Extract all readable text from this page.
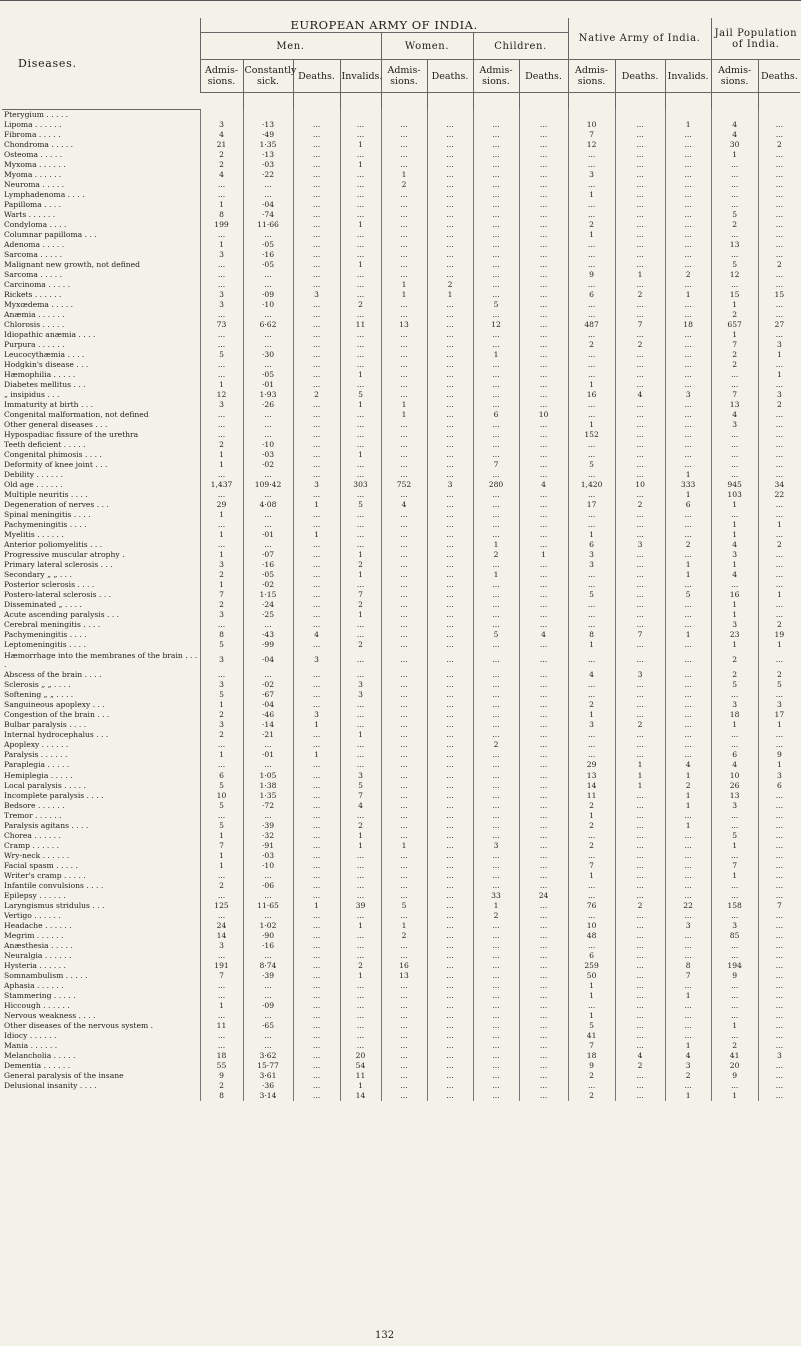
Diseases.	EUROPEAN ARMY OF INDIA.								Native Army of India.			Jail Population of India.	
	Men.				Women.		Children.						
	Admis-sions.	Constantly sick.	Deaths.	Invalids.	Admis-sions.	Deaths.	Admis-sions.	Deaths.	Admis-sions.	Deaths.	Invalids.	Admis-sions.	Deaths.

Pterygium . . . . .													
Lipoma . . . . . .	3	·13	...	...	...	...	...	...	10	...	1	4	...
Fibroma . . . . .	4	·49	...	...	...	...	...	...	7	...	...	4	...
Chondroma . . . . .	21	1·35	...	1	...	...	...	...	12	...	...	30	2
Osteoma . . . . .	2	·13	...	...	...	...	...	...	...	...	...	1	...
Myxoma . . . . . .	2	·03	...	1	...	...	...	...	...	...	...	...	...
Myoma . . . . . .	4	·22	...	...	1	...	...	...	3	...	...	...	...
Neuroma . . . . .	...	...	...	...	2	...	...	...	...	...	...	...	...
Lymphadenoma . . . .	...	...	...	...	...	...	...	...	1	...	...	...	...
Papilloma . . . .	1	·04	...	...	...	...	...	...	...	...	...	...	...
Warts . . . . . .	8	·74	...	...	...	...	...	...	...	...	...	5	...
Condyloma . . . .	199	11·66	...	1	...	...	...	...	2	...	...	2	...
Columnar papilloma . . .	...	...	...	...	...	...	...	...	1	...	...	...	...
Adenoma . . . . .	1	·05	...	...	...	...	...	...	...	...	...	13	...
Sarcoma . . . . .	3	·16	...	...	...	...	...	...	...	...	...	...	...
Malignant new growth, not defined	...	·05	...	1	...	...	...	...	...	...	...	5	2
Sarcoma . . . . .	...	...	...	...	...	...	...	...	9	1	2	12	...
Carcinoma . . . . .	...	...	...	...	1	2	...	...	...	...	...	...	...
Rickets . . . . . .	3	·09	3	...	1	1	...	...	6	2	1	15	15
Myxœdema . . . . .	3	·10	...	2	...	...	5	...	...	...	...	1	...
Anæmia . . . . . .	...	...	...	...	...	...	...	...	...	...	...	2	...
Chlorosis . . . . .	73	6·62	...	11	13	...	12	...	487	7	18	657	27
Idiopathic anæmia . . . .	...	...	...	...	...	...	...	...	...	...	...	1	...
Purpura . . . . . .	...	...	...	...	...	...	...	...	2	2	...	7	3
Leucocythæmia . . . .	5	·30	...	...	...	...	1	...	...	...	...	2	1
Hodgkin's disease . . .	...	...	...	...	...	...	...	...	...	...	...	2	...
Hæmophilia . . . . .	...	·05	...	1	...	...	...	...	...	...	...	...	1
Diabetes mellitus . . .	1	·01	...	...	...	...	...	...	1	...	...	...	...
„ insipidus . . .	12	1·93	2	5	...	...	...	...	16	4	3	7	3
Immaturity at birth . . .	3	·26	...	1	1	...	...	...	...	...	...	13	2
Congenital malformation, not defined	...	...	...	...	1	...	6	10	...	...	...	4	...
Other general diseases . . .	...	...	...	...	...	...	...	...	1	...	...	3	...
Hypospadiac fissure of the urethra	...	...	...	...	...	...	...	...	152	...	...	...	...
Teeth deficient . . . . .	2	·10	...	...	...	...	...	...	...	...	...	...	...
Congenital phimosis . . . .	1	·03	...	1	...	...	...	...	...	...	...	...	...
Deformity of knee joint . . .	1	·02	...	...	...	...	7	...	5	...	...	...	...
Debility . . . . . .	...	...	...	...	...	...	...	...	...	...	1	...	...
Old age . . . . . .	1,437	109·42	3	303	752	3	280	4	1,420	10	333	945	34
Multiple neuritis . . . .	...	...	...	...	...	...	...	...	...	...	1	103	22
Degeneration of nerves . . .	29	4·08	1	5	4	...	...	...	17	2	6	1	...
Spinal meningitis . . . .	1	...	...	...	...	...	...	...	...	...	...	...	...
Pachymeningitis . . . .	...	...	...	...	...	...	...	...	...	...	...	1	1
Myelitis . . . . . .	1	·01	1	...	...	...	...	...	1	...	...	1	...
Anterior poliomyelitis . . .	...	...	...	...	...	...	1	...	6	3	2	4	2
Progressive muscular atrophy .	1	·07	...	1	...	...	2	1	3	...	...	3	...
Primary lateral sclerosis . . .	3	·16	...	2	...	...	...	...	3	...	1	1	...
Secondary „ „ . . .	2	·05	...	1	...	...	1	...	...	...	1	4	...
Posterior sclerosis . . . .	1	·02	...	...	...	...	...	...	...	...	...	...	...
Postero-lateral sclerosis . . .	7	1·15	...	7	...	...	...	...	5	...	5	16	1
Disseminated „ . . . .	2	·24	...	2	...	...	...	...	...	...	...	1	...
Acute ascending paralysis . . .	3	·25	...	1	...	...	...	...	...	...	...	1	...
Cerebral meningitis . . . .	...	...	...	...	...	...	...	...	...	...	...	3	2
Pachymeningitis . . . .	8	·43	4	...	...	...	5	4	8	7	1	23	19
Leptomeningitis . . . .	5	·99	...	2	...	...	...	...	1	...	...	1	1
Hæmorrhage into the membranes of the brain . . . .	3	·04	3	...	...	...	...	...	...	...	...	2	...
Abscess of the brain . . . .	...	...	...	...	...	...	...	...	4	3	...	2	2
Sclerosis „ „ . . . .	3	·02	...	3	...	...	...	...	...	...	...	5	5
Softening „ „ . . . .	5	·67	...	3	...	...	...	...	...	...	...	...	...
Sanguineous apoplexy . . .	1	·04	...	...	...	...	...	...	2	...	...	3	3
Congestion of the brain . . .	2	·46	3	...	...	...	...	...	1	...	...	18	17
Bulbar paralysis . . . .	3	·14	1	...	...	...	...	...	3	2	...	1	1
Internal hydrocephalus . . .	2	·21	...	1	...	...	...	...	...	...	...	...	...
Apoplexy . . . . . .	...	...	...	...	...	...	2	...	...	...	...	...	...
Paralysis . . . . . .	1	·01	1	...	...	...	...	...	...	...	...	6	9
Paraplegia . . . . .	...	...	...	...	...	...	...	...	29	1	4	4	1
Hemiplegia . . . . .	6	1·05	...	3	...	...	...	...	13	1	1	10	3
Local paralysis . . . . .	5	1·38	...	5	...	...	...	...	14	1	2	26	6
Incomplete paralysis . . . .	10	1·35	...	7	...	...	...	...	11	...	1	13	...
Bedsore . . . . . .	5	·72	...	4	...	...	...	...	2	...	1	3	...
Tremor . . . . . .	...	...	...	...	...	...	...	...	1	...	...	...	...
Paralysis agitans . . . .	5	·39	...	2	...	...	...	...	2	...	1	...	...
Chorea . . . . . .	1	·32	...	1	...	...	...	...	...	...	...	5	...
Cramp . . . . . .	7	·91	...	1	1	...	3	...	2	...	...	1	...
Wry-neck . . . . . .	1	·03	...	...	...	...	...	...	...	...	...	...	...
Facial spasm . . . . .	1	·10	...	...	...	...	...	...	7	...	...	7	...
Writer's cramp . . . . .	...	...	...	...	...	...	...	...	1	...	...	1	...
Infantile convulsions . . . .	2	·06	...	...	...	...	...	...	...	...	...	...	...
Epilepsy . . . . . .	...	...	...	...	...	...	33	24	...	...	...	...	...
Laryngismus stridulus . . .	125	11·65	1	39	5	...	1	...	76	2	22	158	7
Vertigo . . . . . .	...	...	...	...	...	...	2	...	...	...	...	...	...
Headache . . . . . .	24	1·02	...	1	1	...	...	...	10	...	3	3	...
Megrim . . . . . .	14	·90	...	...	2	...	...	...	48	...	...	85	...
Anæsthesia . . . . .	3	·16	...	...	...	...	...	...	...	...	...	...	...
Neuralgia . . . . . .	...	...	...	...	...	...	...	...	6	...	...	...	...
Hysteria . . . . . .	191	8·74	...	2	16	...	...	...	259	...	8	194	...
Somnambulism . . . . .	7	·39	...	1	13	...	...	...	50	...	7	9	...
Aphasia . . . . . .	...	...	...	...	...	...	...	...	1	...	...	...	...
Stammering . . . . .	...	...	...	...	...	...	...	...	1	...	1	...	...
Hiccough . . . . . .	1	·09	...	...	...	...	...	...	...	...	...	...	...
Nervous weakness . . . .	...	...	...	...	...	...	...	...	1	...	...	...	...
Other diseases of the nervous system .	11	·65	...	...	...	...	...	...	5	...	...	1	...
Idiocy . . . . . .	...	...	...	...	...	...	...	...	41	...	...	...	...
Mania . . . . . .	...	...	...	...	...	...	...	...	7	...	1	2	...
Melancholia . . . . .	18	3·62	...	20	...	...	...	...	18	4	4	41	3
Dementia . . . . . .	55	15·77	...	54	...	...	...	...	9	2	3	20	...
General paralysis of the insane	9	3·61	...	11	...	...	...	...	2	...	2	9	...
Delusional insanity . . . .	2	·36	...	1	...	...	...	...	...	...	...	...	...
	8	3·14	...	14	...	...	...	...	2	...	1	1	...
132
